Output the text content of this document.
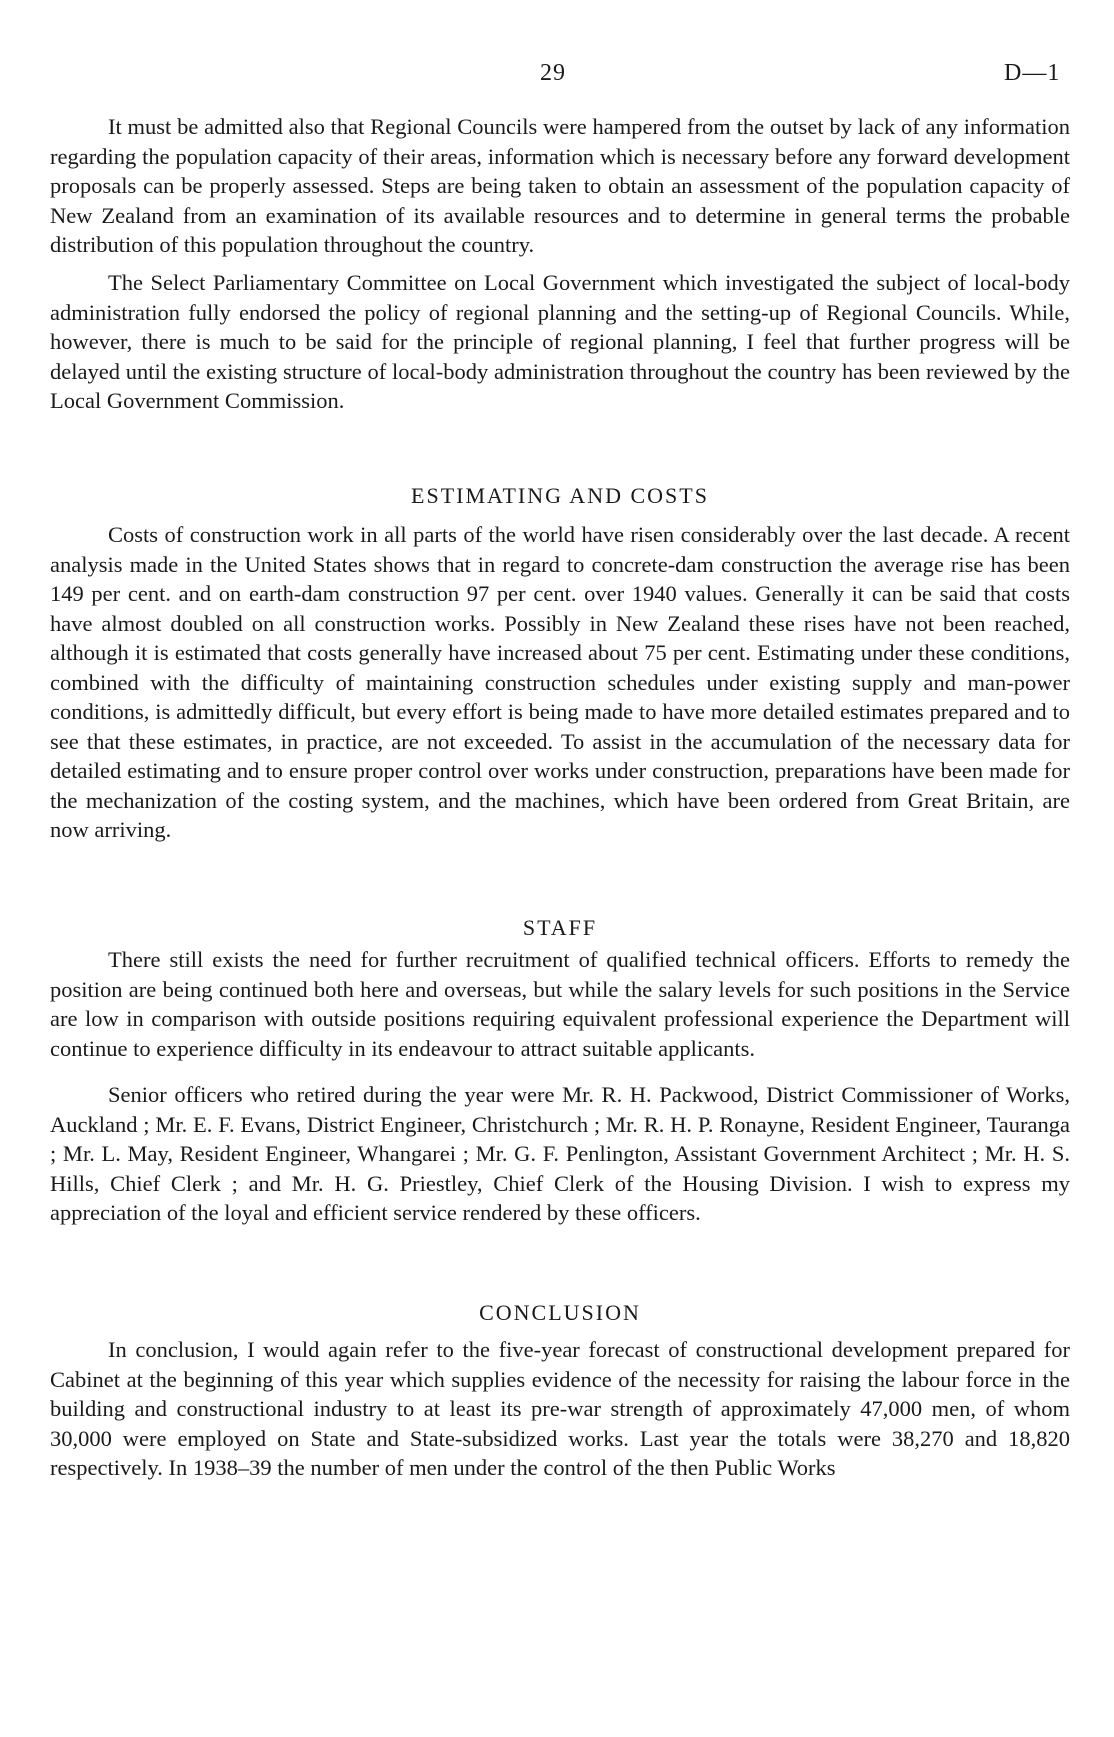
29	D—1

It must be admitted also that Regional Councils were hampered from the outset by lack of any information regarding the population capacity of their areas, information which is necessary before any forward development proposals can be properly assessed. Steps are being taken to obtain an assessment of the population capacity of New Zealand from an examination of its available resources and to determine in general terms the probable distribution of this population throughout the country.

The Select Parliamentary Committee on Local Government which investigated the subject of local-body administration fully endorsed the policy of regional planning and the setting-up of Regional Councils. While, however, there is much to be said for the principle of regional planning, I feel that further progress will be delayed until the existing structure of local-body administration throughout the country has been reviewed by the Local Government Commission.

ESTIMATING AND COSTS

Costs of construction work in all parts of the world have risen considerably over the last decade. A recent analysis made in the United States shows that in regard to concrete-dam construction the average rise has been 149 per cent. and on earth-dam construction 97 per cent. over 1940 values. Generally it can be said that costs have almost doubled on all construction works. Possibly in New Zealand these rises have not been reached, although it is estimated that costs generally have increased about 75 per cent. Estimating under these conditions, combined with the difficulty of maintaining construction schedules under existing supply and man-power conditions, is admittedly difficult, but every effort is being made to have more detailed estimates prepared and to see that these estimates, in practice, are not exceeded. To assist in the accumulation of the necessary data for detailed estimating and to ensure proper control over works under construction, preparations have been made for the mechanization of the costing system, and the machines, which have been ordered from Great Britain, are now arriving.

STAFF

There still exists the need for further recruitment of qualified technical officers. Efforts to remedy the position are being continued both here and overseas, but while the salary levels for such positions in the Service are low in comparison with outside positions requiring equivalent professional experience the Department will continue to experience difficulty in its endeavour to attract suitable applicants.

Senior officers who retired during the year were Mr. R. H. Packwood, District Commissioner of Works, Auckland ; Mr. E. F. Evans, District Engineer, Christchurch ; Mr. R. H. P. Ronayne, Resident Engineer, Tauranga ; Mr. L. May, Resident Engineer, Whangarei ; Mr. G. F. Penlington, Assistant Government Architect ; Mr. H. S. Hills, Chief Clerk ; and Mr. H. G. Priestley, Chief Clerk of the Housing Division. I wish to express my appreciation of the loyal and efficient service rendered by these officers.

CONCLUSION

In conclusion, I would again refer to the five-year forecast of constructional development prepared for Cabinet at the beginning of this year which supplies evidence of the necessity for raising the labour force in the building and constructional industry to at least its pre-war strength of approximately 47,000 men, of whom 30,000 were employed on State and State-subsidized works. Last year the totals were 38,270 and 18,820 respectively. In 1938–39 the number of men under the control of the then Public Works
